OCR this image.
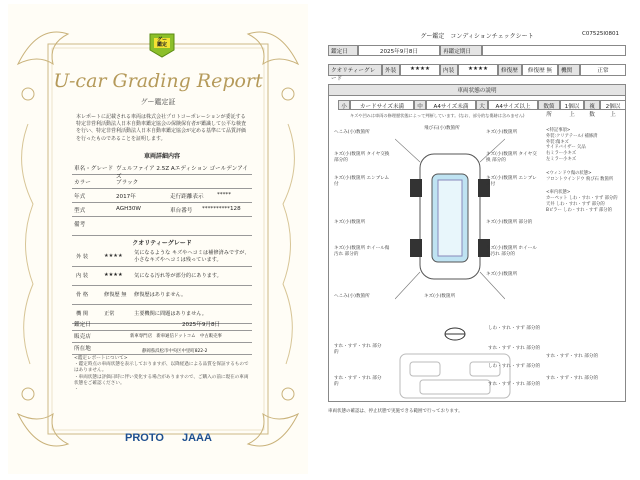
グー
鑑定
U-car Grading Report
グー鑑定証
本レポートに記載される車両は株式会社プロトコーポレーションが委託する特定非営利活動法人日本自動車鑑定協会の保険保有者が鑑識して公平な検査を行い、特定非営利活動法人日本自動車鑑定協会が定める基準にて品質評価を行ったものであることを証明します。
車両詳細内容
車名・グレード ヴェルファイア 2.5Z Aエディション ゴールデンアイズ
カラー	ブラック
年式	2017年	走行距離表示 *****
型式	AGH30W	車台番号 **********128
備考
クオリティーグレード
外 装	★★★★ 気になるような キズやヘコミは補修済みですが、小さなキズやヘコミは残っています。
内 装	★★★★ 気になる汚れ等が部分的にあります。
骨 格	修復歴 無 修復歴はありません。
機 関	正常	主要機関に問題はありません。
鑑定日	2025年9月8日
販売店	新車専門店　新車通信ドットコム　中古販売事
所在地	静岡県浜松市中央区中里町822-2
<鑑定レポートについて>
・鑑定時点の車両状態を表示しておりますが、以降経過による品質を保証するものではありません。
・車両状態は評価日時に伴い変化する場合がありますので、ご購入の前に現在の車両状態をご確認ください。
・
PROTO JAAA
グー鑑定　コンディションチェックシート	C07525I0801
鑑定日	2025年9月8日	再鑑定期日
クオリティーグレード
外装	★★★★	内装	★★★★	修復歴	修復歴 無	機関	正常
車両状態の説明
小	カードサイズ未満	中	A4サイズ未満	大	A4サイズ以上	数箇所
1個以上
複数
2個以上
キズや凹みは車両の修理歴状態によって判断しています。(なお、部分的な傷跡は含みません)
へこみ(小)数箇所
キズ(小)数箇所 タイヤ交換 部分的
キズ(小)数箇所 エンブレム付
キズ(小)数箇所
キズ(小)数箇所 ホイール傷汚れ 部分的
へこみ(小)数箇所
キズ(小)数箇所
キズ(小)数箇所 タイヤ交換 部分的
キズ(小)数箇所 エンブレム付
キズ(小)数箇所 部分的
キズ(小)数箇所 ホイール傷汚れ 部分的
キズ(小)数箇所
飛び石(小)数箇所
キズ(小)数箇所
<特記事項>
外装:クリアテール/ 補修済
外装:傷キズ
サイドバイザー 欠品
右ミラー小キズ
左ミラー小キズ
<ウィンドウ傷の状態>
フロントウインドウ 飛び石 数箇所
<車内状態>
カーペット しわ・すれ・すず 部分的
天井 しわ・すれ・すず 部分的
Bピラー しわ・すれ・すず 部分的
すれ・すず・すれ 部分的
すれ・すず・すれ 部分的
しわ・すれ・すず 部分的
すれ・すず・すれ 部分的
しわ・すれ・すず 部分的
すれ・すず・すれ 部分的
すれ・すず・すれ 部分的
すれ・すず・すれ 部分的
車両状態の確認は、停止状態で実施できる範囲で行っております。
